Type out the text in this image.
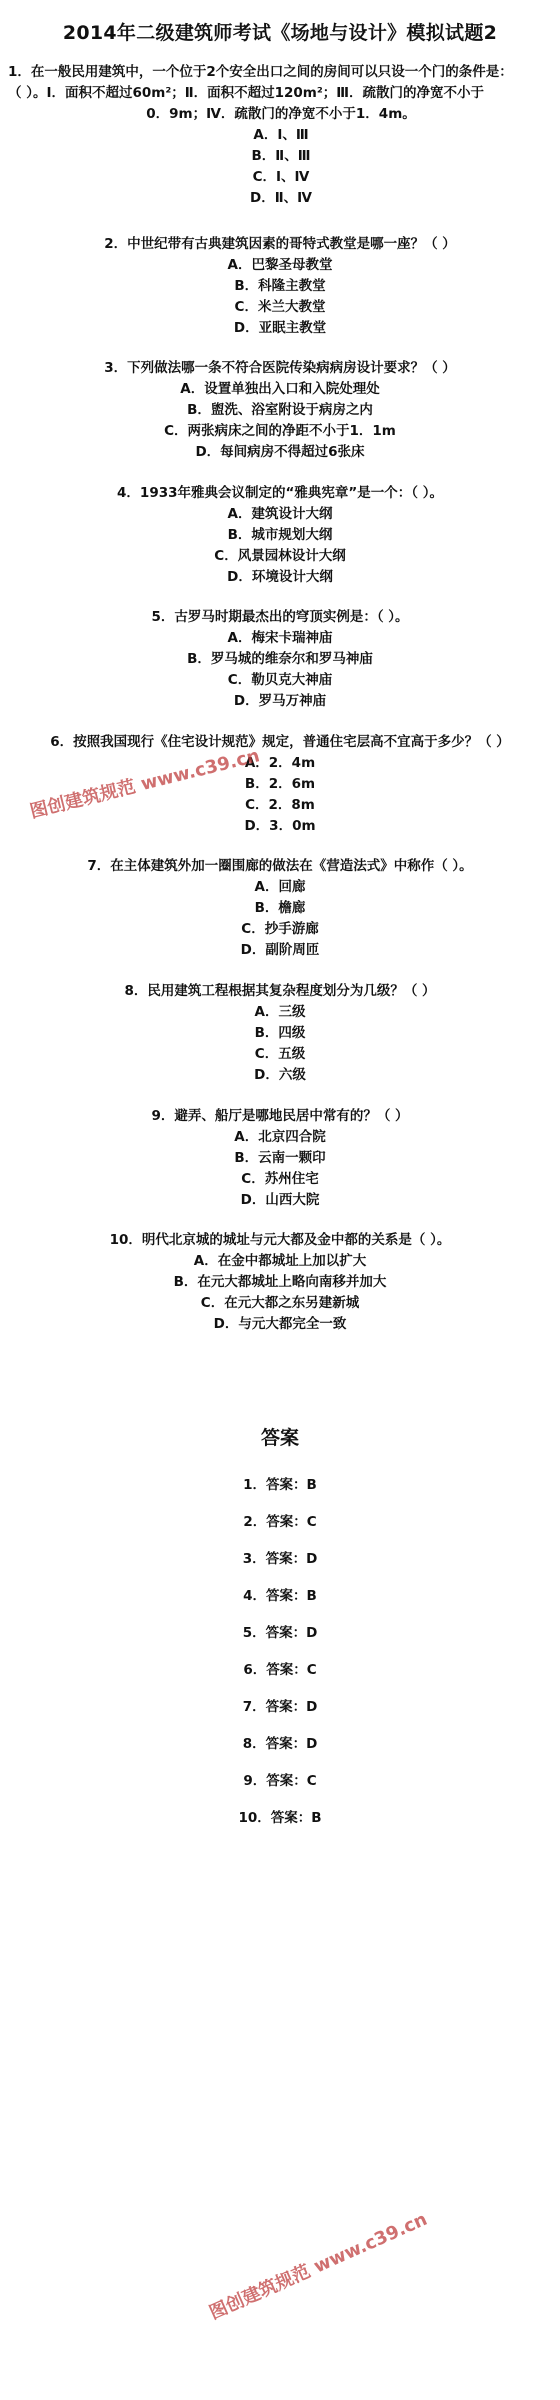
2014年二级建筑师考试《场地与设计》模拟试题2
1．在一般民用建筑中，一个位于2个安全出口之间的房间可以只设一个门的条件是：
（ ）。Ⅰ．面积不超过60m²；Ⅱ．面积不超过120m²；Ⅲ．疏散门的净宽不小于
0．9m；Ⅳ．疏散门的净宽不小于1．4m。
A．Ⅰ、Ⅲ
B．Ⅱ、Ⅲ
C．Ⅰ、Ⅳ
D．Ⅱ、Ⅳ
2．中世纪带有古典建筑因素的哥特式教堂是哪一座？（ ）
A．巴黎圣母教堂
B．科隆主教堂
C．米兰大教堂
D．亚眠主教堂
3．下列做法哪一条不符合医院传染病病房设计要求？（ ）
A．设置单独出入口和入院处理处
B．盥洗、浴室附设于病房之内
C．两张病床之间的净距不小于1．1m
D．每间病房不得超过6张床
4．1933年雅典会议制定的“雅典宪章”是一个：（ ）。
A．建筑设计大纲
B．城市规划大纲
C．风景园林设计大纲
D．环境设计大纲
5．古罗马时期最杰出的穹顶实例是：（ ）。
A．梅宋卡瑞神庙
B．罗马城的维奈尔和罗马神庙
C．勒贝克大神庙
D．罗马万神庙
6．按照我国现行《住宅设计规范》规定，普通住宅层高不宜高于多少？（ ）
A．2．4m
B．2．6m
C．2．8m
D．3．0m
7．在主体建筑外加一圈围廊的做法在《营造法式》中称作（ ）。
A．回廊
B．檐廊
C．抄手游廊
D．副阶周匝
8．民用建筑工程根据其复杂程度划分为几级？（ ）
A．三级
B．四级
C．五级
D．六级
9．避弄、船厅是哪地民居中常有的？（ ）
A．北京四合院
B．云南一颗印
C．苏州住宅
D．山西大院
10．明代北京城的城址与元大都及金中都的关系是（ ）。
A．在金中都城址上加以扩大
B．在元大都城址上略向南移并加大
C．在元大都之东另建新城
D．与元大都完全一致
答案
1．答案：B
2．答案：C
3．答案：D
4．答案：B
5．答案：D
6．答案：C
7．答案：D
8．答案：D
9．答案：C
10．答案：B
图创建筑规范 www.c39.cn
图创建筑规范 www.c39.cn
